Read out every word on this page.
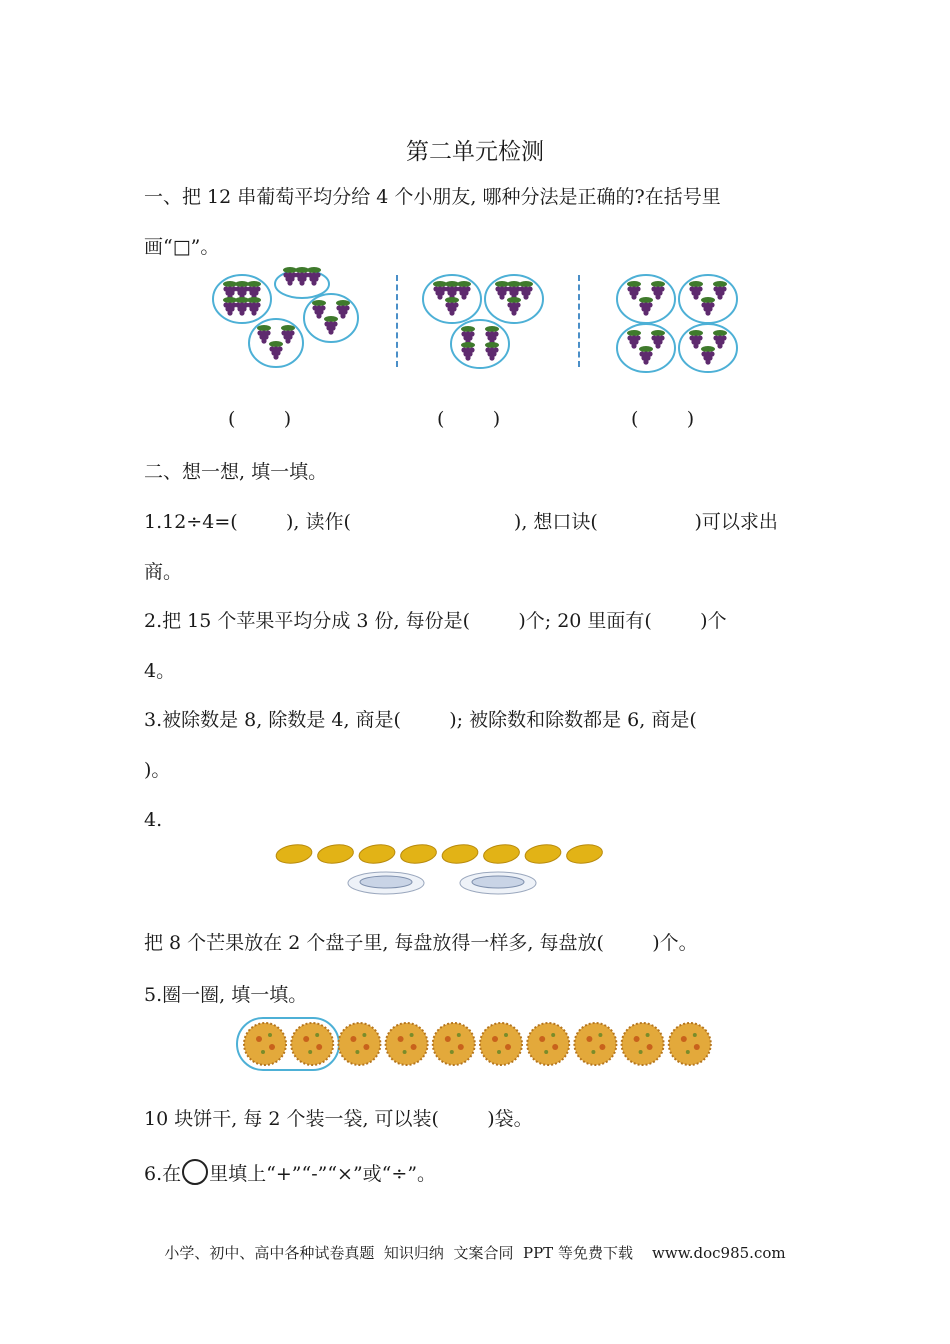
第二单元检测
一、把 12 串葡萄平均分给 4 个小朋友, 哪种分法是正确的?在括号里
画“□”。
(        )	(        )	(        )
二、想一想, 填一填。
1.12÷4=(        ), 读作(                           ), 想口诀(                )可以求出
商。
2.把 15 个苹果平均分成 3 份, 每份是(        )个; 20 里面有(        )个
4。
3.被除数是 8, 除数是 4, 商是(        ); 被除数和除数都是 6, 商是(
)。
4.
把 8 个芒果放在 2 个盘子里, 每盘放得一样多, 每盘放(        )个。
5.圈一圈, 填一填。
10 块饼干, 每 2 个装一袋, 可以装(        )袋。
6.在 里填上“+”“-”“×”或“÷”。
小学、初中、高中各种试卷真题  知识归纳  文案合同  PPT 等免费下载    www.doc985.com
